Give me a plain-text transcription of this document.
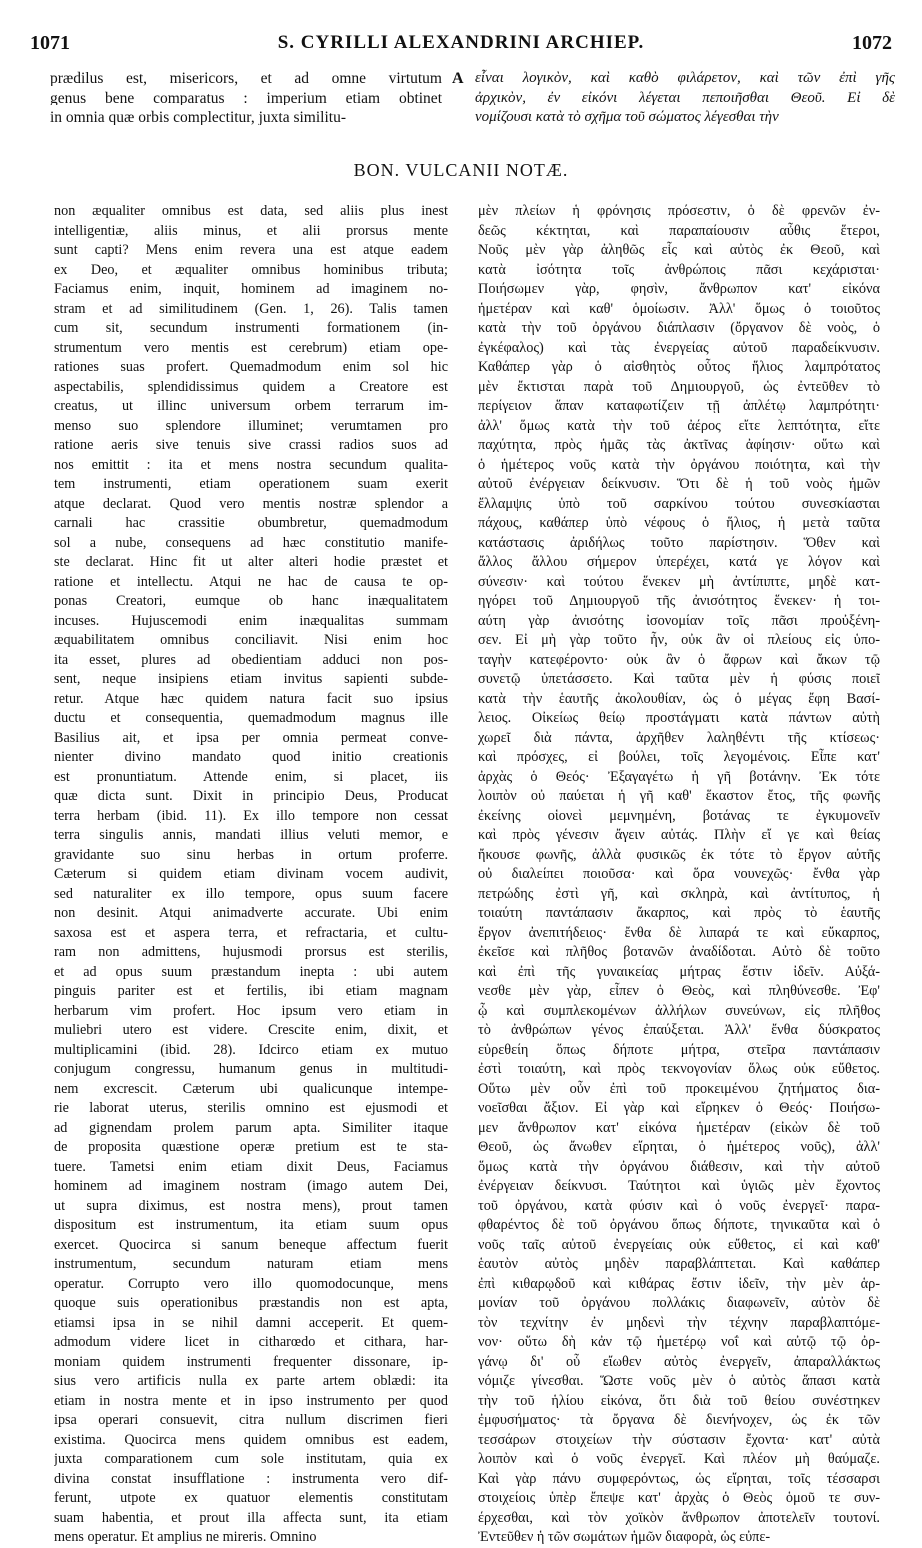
1071	S. CYRILLI ALEXANDRINI ARCHIEP.	1072
prædilus est, misericors, et ad omne virtutum
genus bene comparatus : imperium etiam obtinet
in omnia quæ orbis complectitur, juxta similitu-
A εἶναι λογικὸν, καὶ καθὸ φιλάρετον, καὶ τῶν ἐπὶ γῆς
ἀρχικὸν, ἐν εἰκόνι λέγεται πεποιῆσθαι Θεοῦ. Εἰ δὲ
νομίζουσι κατὰ τὸ σχῆμα τοῦ σώματος λέγεσθαι τὴν
BON. VULCANII NOTÆ.
non æqualiter omnibus est data, sed aliis plus inest
intelligentiæ, aliis minus, et alii prorsus mente
sunt capti? Mens enim revera una est atque eadem
ex Deo, et æqualiter omnibus hominibus tributa;
Faciamus enim, inquit, hominem ad imaginem no-
stram et ad similitudinem (Gen. 1, 26). Talis tamen
cum sit, secundum instrumenti formationem (in-
strumentum vero mentis est cerebrum) etiam ope-
rationes suas profert. Quemadmodum enim sol hic
aspectabilis, splendidissimus quidem a Creatore est
creatus, ut illinc universum orbem terrarum im-
menso suo splendore illuminet; verumtamen pro
ratione aeris sive tenuis sive crassi radios suos ad
nos emittit : ita et mens nostra secundum qualita-
tem instrumenti, etiam operationem suam exerit
atque declarat. Quod vero mentis nostræ splendor a
carnali hac crassitie obumbretur, quemadmodum
sol a nube, consequens ad hæc constitutio manife-
ste declarat. Hinc fit ut alter alteri hodie præstet et
ratione et intellectu. Atqui ne hac de causa te op-
ponas Creatori, eumque ob hanc inæqualitatem
incuses. Hujuscemodi enim inæqualitas summam
æquabilitatem omnibus conciliavit. Nisi enim hoc
ita esset, plures ad obedientiam adduci non pos-
sent, neque insipiens etiam invitus sapienti subde-
retur. Atque hæc quidem natura facit suo ipsius
ductu et consequentia, quemadmodum magnus ille
Basilius ait, et ipsa per omnia permeat conve-
nienter divino mandato quod initio creationis
est pronuntiatum. Attende enim, si placet, iis
quæ dicta sunt. Dixit in principio Deus, Producat
terra herbam (ibid. 11). Ex illo tempore non cessat
terra singulis annis, mandati illius veluti memor, e
gravidante suo sinu herbas in ortum proferre.
Cæterum si quidem etiam divinam vocem audivit,
sed naturaliter ex illo tempore, opus suum facere
non desinit. Atqui animadverte accurate. Ubi enim
saxosa est et aspera terra, et refractaria, et cultu-
ram non admittens, hujusmodi prorsus est sterilis,
et ad opus suum præstandum inepta : ubi autem
pinguis pariter est et fertilis, ibi etiam magnam
herbarum vim profert. Hoc ipsum vero etiam in
muliebri utero est videre. Crescite enim, dixit, et
multiplicamini (ibid. 28). Idcirco etiam ex mutuo
conjugum congressu, humanum genus in multitudi-
nem excrescit. Cæterum ubi qualicunque intempe-
rie laborat uterus, sterilis omnino est ejusmodi et
ad gignendam prolem parum apta. Similiter itaque
de proposita quæstione operæ pretium est te sta-
tuere. Tametsi enim etiam dixit Deus, Faciamus
hominem ad imaginem nostram (imago autem Dei,
ut supra diximus, est nostra mens), prout tamen
dispositum est instrumentum, ita etiam suum opus
exercet. Quocirca si sanum beneque affectum fuerit
instrumentum, secundum naturam etiam mens
operatur. Corrupto vero illo quomodocunque, mens
quoque suis operationibus præstandis non est apta,
etiamsi ipsa in se nihil damni acceperit. Et quem-
admodum videre licet in citharœdo et cithara, har-
moniam quidem instrumenti frequenter dissonare, ip-
sius vero artificis nulla ex parte artem oblædi: ita
etiam in nostra mente et in ipso instrumento per quod
ipsa operari consuevit, citra nullum discrimen fieri
existima. Quocirca mens quidem omnibus est eadem,
juxta comparationem cum sole institutam, quia ex
divina constat insufflatione : instrumenta vero dif-
ferunt, utpote ex quatuor elementis constitutam
suam habentia, et prout illa affecta sunt, ita etiam
mens operatur. Et amplius ne mireris. Omnino
μὲν πλείων ἡ φρόνησις πρόσεστιν, ὁ δὲ φρενῶν ἐν-
δεῶς κέκτηται, καὶ παραπαίουσιν αὖθις ἕτεροι,
Νοῦς μὲν γὰρ ἀληθῶς εἷς καὶ αὐτὸς ἐκ Θεοῦ, καὶ
κατὰ ἰσότητα τοῖς ἀνθρώποις πᾶσι κεχάρισται·
Ποιήσωμεν γὰρ, φησὶν, ἄνθρωπον κατ' εἰκόνα
ἡμετέραν καὶ καθ' ὁμοίωσιν. Ἀλλ' ὅμως ὁ τοιοῦτος
κατὰ τὴν τοῦ ὀργάνου διάπλασιν (ὄργανον δὲ νοὸς, ὁ
ἐγκέφαλος) καὶ τὰς ἐνεργείας αὐτοῦ παραδείκνυσιν.
Καθάπερ γὰρ ὁ αἰσθητὸς οὗτος ἥλιος λαμπρότατος
μὲν ἔκτισται παρὰ τοῦ Δημιουργοῦ, ὡς ἐντεῦθεν τὸ
περίγειον ἅπαν καταφωτίζειν τῇ ἀπλέτῳ λαμπρότητι·
ἀλλ' ὅμως κατὰ τὴν τοῦ ἀέρος εἴτε λεπτότητα, εἴτε
παχύτητα, πρὸς ἡμᾶς τὰς ἀκτῖνας ἀφίησιν· οὕτω καὶ
ὁ ἡμέτερος νοῦς κατὰ τὴν ὀργάνου ποιότητα, καὶ τὴν
αὐτοῦ ἐνέργειαν δείκνυσιν. Ὅτι δὲ ἡ τοῦ νοὸς ἡμῶν
ἔλλαμψις ὑπὸ τοῦ σαρκίνου τούτου συνεσκίασται
πάχους, καθάπερ ὑπὸ νέφους ὁ ἥλιος, ἡ μετὰ ταῦτα
κατάστασις ἀριδήλως τοῦτο παρίστησιν. Ὅθεν καὶ
ἄλλος ἄλλου σήμερον ὑπερέχει, κατά γε λόγον καὶ
σύνεσιν· καὶ τούτου ἕνεκεν μὴ ἀντίπιπτε, μηδὲ κατ-
ηγόρει τοῦ Δημιουργοῦ τῆς ἀνισότητος ἕνεκεν· ἡ τοι-
αύτη γὰρ ἀνισότης ἰσονομίαν τοῖς πᾶσι προὐξένη-
σεν. Εἰ μὴ γὰρ τοῦτο ἦν, οὐκ ἂν οἱ πλείους εἰς ὑπο-
ταγὴν κατεφέροντο· οὐκ ἂν ὁ ἄφρων καὶ ἄκων τῷ
συνετῷ ὑπετάσσετο. Καὶ ταῦτα μὲν ἡ φύσις ποιεῖ
κατὰ τὴν ἑαυτῆς ἀκολουθίαν, ὡς ὁ μέγας ἔφη Βασί-
λειος. Οἰκείως θείῳ προστάγματι κατὰ πάντων αὐτὴ
χωρεῖ διὰ πάντα, ἀρχῆθεν λαληθέντι τῆς κτίσεως·
καὶ πρόσχες, εἰ βούλει, τοῖς λεγομένοις. Εἶπε κατ'
ἀρχὰς ὁ Θεός· Ἐξαγαγέτω ἡ γῆ βοτάνην. Ἐκ τότε
λοιπὸν οὐ παύεται ἡ γῆ καθ' ἕκαστον ἔτος, τῆς φωνῆς
ἐκείνης οἱονεὶ μεμνημένη, βοτάνας τε ἐγκυμονεῖν
καὶ πρὸς γένεσιν ἄγειν αὐτάς. Πλὴν εἴ γε καὶ θείας
ἤκουσε φωνῆς, ἀλλὰ φυσικῶς ἐκ τότε τὸ ἔργον αὐτῆς
οὐ διαλείπει ποιοῦσα· καὶ ὅρα νουνεχῶς· ἔνθα γὰρ
πετρώδης ἐστὶ γῆ, καὶ σκληρὰ, καὶ ἀντίτυπος, ἡ
τοιαύτη παντάπασιν ἄκαρπος, καὶ πρὸς τὸ ἑαυτῆς
ἔργον ἀνεπιτήδειος· ἔνθα δὲ λιπαρά τε καὶ εὔκαρπος,
ἐκεῖσε καὶ πλῆθος βοτανῶν ἀναδίδοται. Αὐτὸ δὲ τοῦτο
καὶ ἐπὶ τῆς γυναικείας μήτρας ἔστιν ἰδεῖν. Αὐξά-
νεσθε μὲν γὰρ, εἶπεν ὁ Θεὸς, καὶ πληθύνεσθε. Ἐφ'
ᾧ καὶ συμπλεκομένων ἀλλήλων συνεύνων, εἰς πλῆθος
τὸ ἀνθρώπων γένος ἐπαύξεται. Ἀλλ' ἔνθα δύσκρατος
εὑρεθείη ὅπως δήποτε μήτρα, στεῖρα παντάπασιν
ἐστὶ τοιαύτη, καὶ πρὸς τεκνογονίαν ὅλως οὐκ εὔθετος.
Οὕτω μὲν οὖν ἐπὶ τοῦ προκειμένου ζητήματος δια-
νοεῖσθαι ἄξιον. Εἰ γὰρ καὶ εἴρηκεν ὁ Θεός· Ποιήσω-
μεν ἄνθρωπον κατ' εἰκόνα ἡμετέραν (εἰκὼν δὲ τοῦ
Θεοῦ, ὡς ἄνωθεν εἴρηται, ὁ ἡμέτερος νοῦς), ἀλλ'
ὅμως κατὰ τὴν ὀργάνου διάθεσιν, καὶ τὴν αὐτοῦ
ἐνέργειαν δείκνυσι. Ταύτητοι καὶ ὑγιῶς μὲν ἔχοντος
τοῦ ὀργάνου, κατὰ φύσιν καὶ ὁ νοῦς ἐνεργεῖ· παρα-
φθαρέντος δὲ τοῦ ὀργάνου ὅπως δήποτε, τηνικαῦτα καὶ ὁ
νοῦς ταῖς αὐτοῦ ἐνεργείαις οὐκ εὔθετος, εἰ καὶ καθ'
ἑαυτὸν αὐτὸς μηδὲν παραβλάπτεται. Καὶ καθάπερ
ἐπὶ κιθαρῳδοῦ καὶ κιθάρας ἔστιν ἰδεῖν, τὴν μὲν ἁρ-
μονίαν τοῦ ὀργάνου πολλάκις διαφωνεῖν, αὐτὸν δὲ
τὸν τεχνίτην ἐν μηδενὶ τὴν τέχνην παραβλαπτόμε-
νον· οὕτω δὴ κἀν τῷ ἡμετέρῳ νοΐ καὶ αὐτῷ τῷ ὀρ-
γάνῳ δι' οὗ εἴωθεν αὐτὸς ἐνεργεῖν, ἀπαραλλάκτως
νόμιζε γίνεσθαι. Ὥστε νοῦς μὲν ὁ αὐτὸς ἅπασι κατὰ
τὴν τοῦ ἡλίου εἰκόνα, ὅτι διὰ τοῦ θείου συνέστηκεν
ἐμφυσήματος· τὰ ὄργανα δὲ διενήνοχεν, ὡς ἐκ τῶν
τεσσάρων στοιχείων τὴν σύστασιν ἔχοντα· κατ' αὐτὰ
λοιπὸν καὶ ὁ νοῦς ἐνεργεῖ. Καὶ πλέον μὴ θαύμαζε.
Καὶ γὰρ πάνυ συμφερόντως, ὡς εἴρηται, τοῖς τέσσαρσι
στοιχείοις ὑπὲρ ἔπεψε κατ' ἀρχὰς ὁ Θεὸς ὁμοῦ τε συν-
έρχεσθαι, καὶ τὸν χοϊκὸν ἄνθρωπον ἀποτελεῖν τουτονί.
Ἐντεῦθεν ἡ τῶν σωμάτων ἡμῶν διαφορὰ, ὡς εὐπε-
